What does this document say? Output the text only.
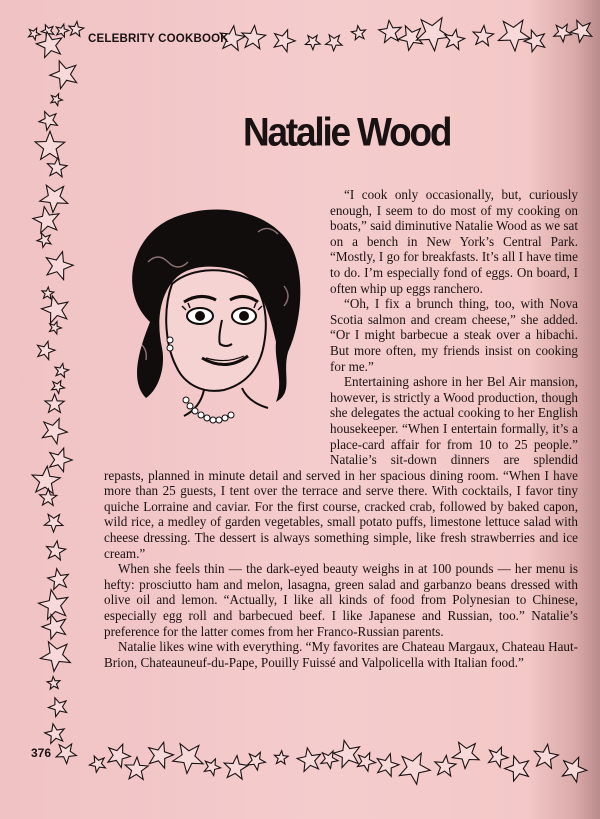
CELEBRITY COOKBOOK

Natalie Wood

“I cook only occasionally, but, curiously enough, I seem to do most of my cooking on boats,” said diminutive Natalie Wood as we sat on a bench in New York’s Central Park. “Mostly, I go for breakfasts. It’s all I have time to do. I’m especially fond of eggs. On board, I often whip up eggs ranchero.

“Oh, I fix a brunch thing, too, with Nova Scotia salmon and cream cheese,” she added. “Or I might barbecue a steak over a hibachi. But more often, my friends insist on cooking for me.”

Entertaining ashore in her Bel Air mansion, however, is strictly a Wood production, though she delegates the actual cooking to her English housekeeper. “When I entertain formally, it’s a place-card affair for from 10 to 25 people.” Natalie’s sit-down dinners are splendid repasts, planned in minute detail and served in her spacious dining room. “When I have more than 25 guests, I tent over the terrace and serve there. With cocktails, I favor tiny quiche Lorraine and caviar. For the first course, cracked crab, followed by baked capon, wild rice, a medley of garden vegetables, small potato puffs, limestone lettuce salad with cheese dressing. The dessert is always something simple, like fresh strawberries and ice cream.”

When she feels thin — the dark-eyed beauty weighs in at 100 pounds — her menu is hefty: prosciutto ham and melon, lasagna, green salad and garbanzo beans dressed with olive oil and lemon. “Actually, I like all kinds of food from Polynesian to Chinese, especially egg roll and barbecued beef. I like Japanese and Russian, too.” Natalie’s preference for the latter comes from her Franco-Russian parents.

Natalie likes wine with everything. “My favorites are Chateau Margaux, Chateau Haut-Brion, Chateauneuf-du-Pape, Pouilly Fuissé and Valpolicella with Italian food.”

376
